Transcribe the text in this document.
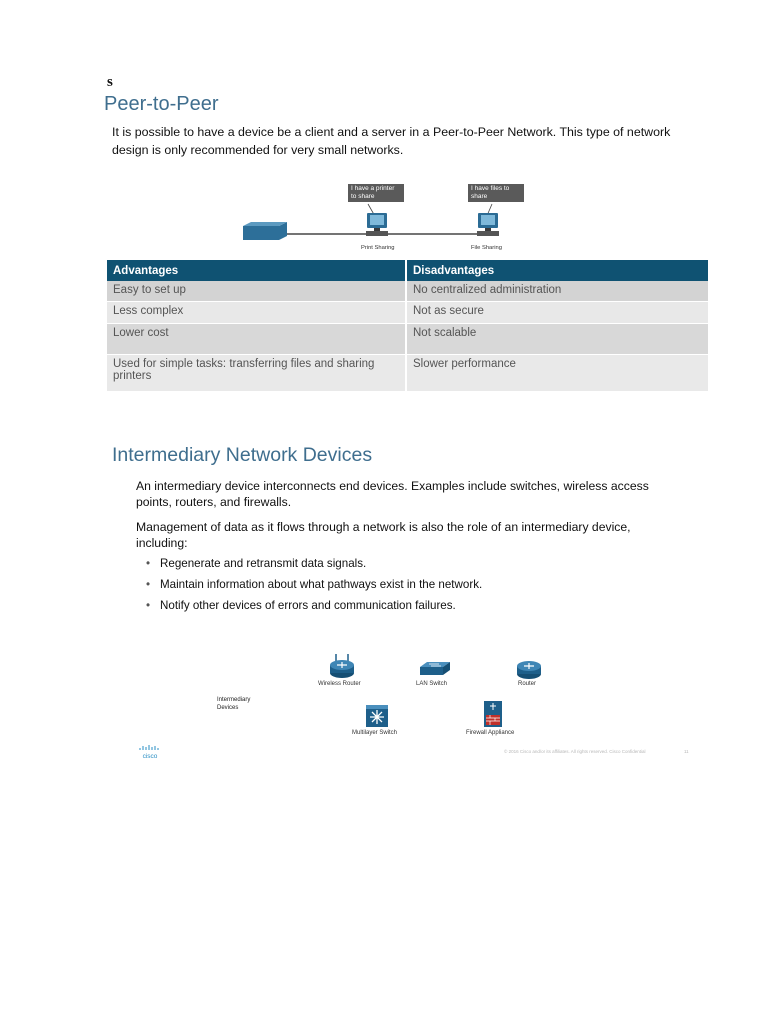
s
Peer-to-Peer
It is possible to have a device be a client and a server in a Peer-to-Peer Network. This type of network design is only recommended for very small networks.
I have a printer to share
I have files to share
Print Sharing	File Sharing
Advantages	Disadvantages
Easy to set up	No centralized administration
Less complex	Not as secure
Lower cost	Not scalable
Used for simple tasks: transferring files and sharing printers	Slower performance
Intermediary Network Devices
An intermediary device interconnects end devices. Examples include switches, wireless access points, routers, and firewalls.
Management of data as it flows through a network is also the role of an intermediary device, including:
• Regenerate and retransmit data signals.
• Maintain information about what pathways exist in the network.
• Notify other devices of errors and communication failures.
Intermediary Devices
Wireless Router	LAN Switch	Router
Multilayer Switch	Firewall Appliance
cisco
© 2016 Cisco and/or its affiliates. All rights reserved. Cisco Confidential	11
